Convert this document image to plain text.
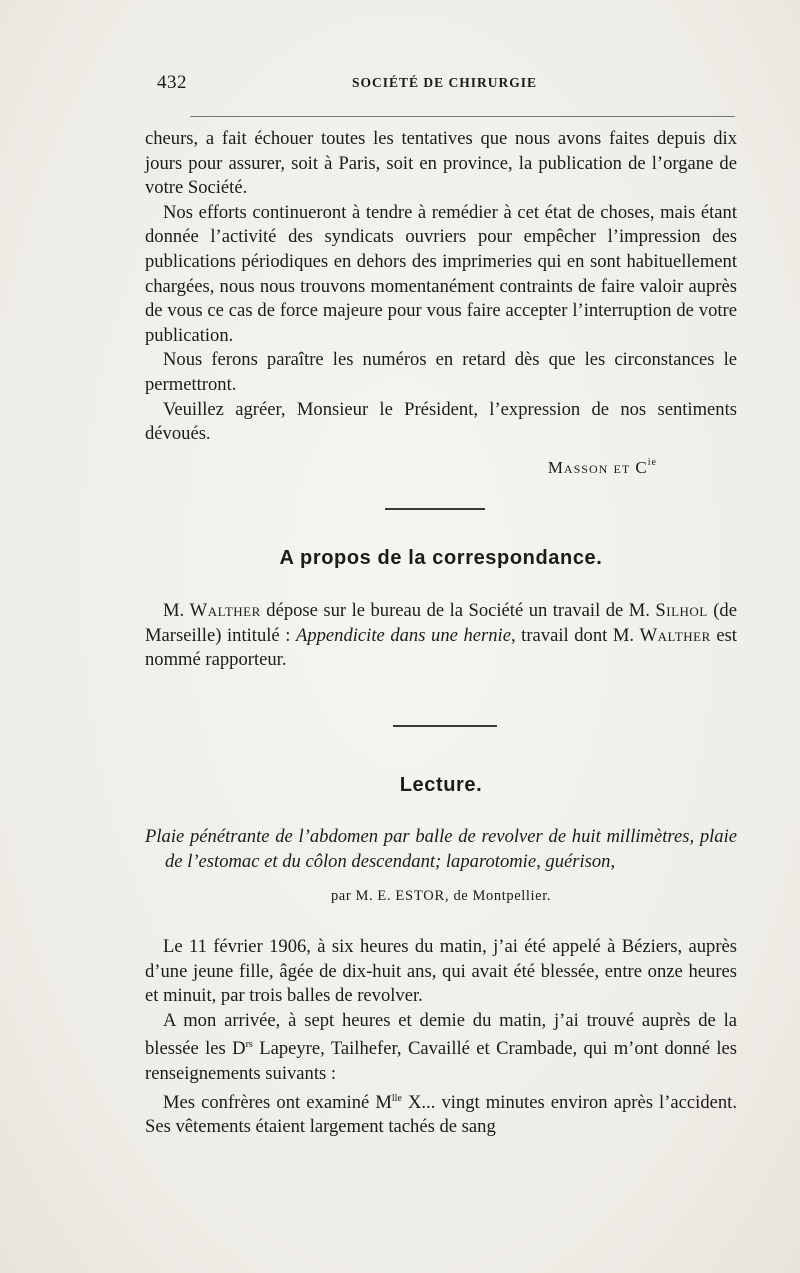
432	SOCIÉTÉ DE CHIRURGIE

cheurs, a fait échouer toutes les tentatives que nous avons faites depuis dix jours pour assurer, soit à Paris, soit en province, la publication de l’organe de votre Société.

Nos efforts continueront à tendre à remédier à cet état de choses, mais étant donnée l’activité des syndicats ouvriers pour empêcher l’impression des publications périodiques en dehors des imprimeries qui en sont habituellement chargées, nous nous trouvons momentanément contraints de faire valoir auprès de vous ce cas de force majeure pour vous faire accepter l’interruption de votre publication.

Nous ferons paraître les numéros en retard dès que les circonstances le permettront.

Veuillez agréer, Monsieur le Président, l’expression de nos sentiments dévoués.

Masson et $C^{ie}$
A propos de la correspondance.

M. Walther dépose sur le bureau de la Société un travail de M. Silhol (de Marseille) intitulé : Appendicite dans une hernie, travail dont M. Walther est nommé rapporteur.

Lecture.

Plaie pénétrante de l’abdomen par balle de revolver de huit millimètres, plaie de l’estomac et du côlon descendant; laparotomie, guérison,

par M. E. ESTOR, de Montpellier.

Le 11 février 1906, à six heures du matin, j’ai été appelé à Béziers, auprès d’une jeune fille, âgée de dix-huit ans, qui avait été blessée, entre onze heures et minuit, par trois balles de revolver.

A mon arrivée, à sept heures et demie du matin, j’ai trouvé auprès de la blessée les $D^{rs}$ Lapeyre, Tailhefer, Cavaillé et Crambade, qui m’ont donné les renseignements suivants :

Mes confrères ont examiné $M^{lle}$ X... vingt minutes environ après l’accident. Ses vêtements étaient largement tachés de sang
